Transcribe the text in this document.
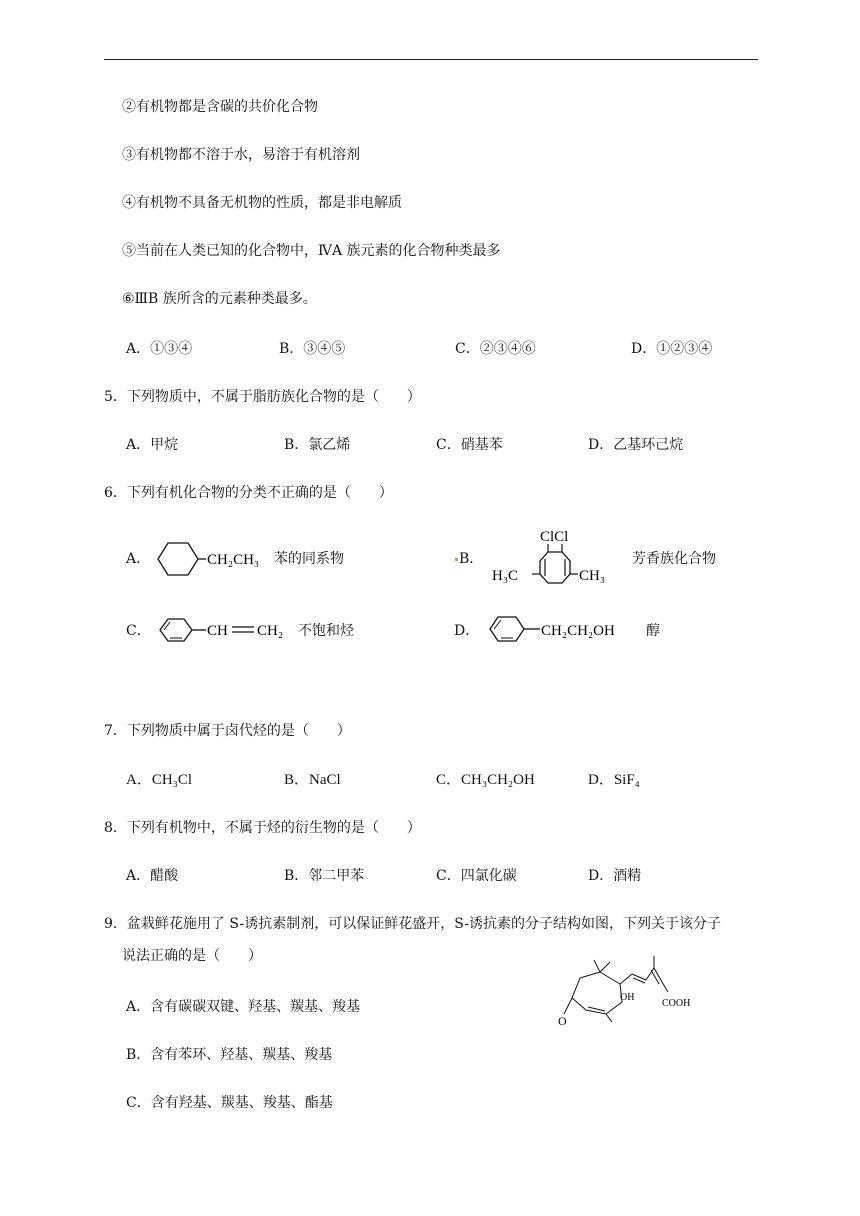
②有机物都是含碳的共价化合物
③有机物都不溶于水，易溶于有机溶剂
④有机物不具备无机物的性质，都是非电解质
⑤当前在人类已知的化合物中，ⅣA 族元素的化合物种类最多
⑥ⅢB 族所含的元素种类最多。
A．①③④	B．③④⑤	C．②③④⑥	D．①②③④
5．下列物质中，不属于脂肪族化合物的是（　　）
A．甲烷	B．氯乙烯	C．硝基苯	D．乙基环己烷
6．下列有机化合物的分类不正确的是（　　）
A．	CH₂CH₃ 苯的同系物	B．
ClCl
H₃C	CH₃
芳香族化合物
C．	CH CH₂ 不饱和烃	D．	CH₂CH₂OH 醇
7．下列物质中属于卤代烃的是（　　）
A．CH₃Cl	B．NaCl	C．CH₃CH₂OH	D．SiF₄
8．下列有机物中，不属于烃的衍生物的是（　　）
A．醋酸	B．邻二甲苯	C．四氯化碳	D．酒精
9．盆栽鲜花施用了 S-诱抗素制剂，可以保证鲜花盛开，S-诱抗素的分子结构如图，下列关于该分子
说法正确的是（　　）
O
OH
COOH
A．含有碳碳双键、羟基、羰基、羧基
B．含有苯环、羟基、羰基、羧基
C．含有羟基、羰基、羧基、酯基
